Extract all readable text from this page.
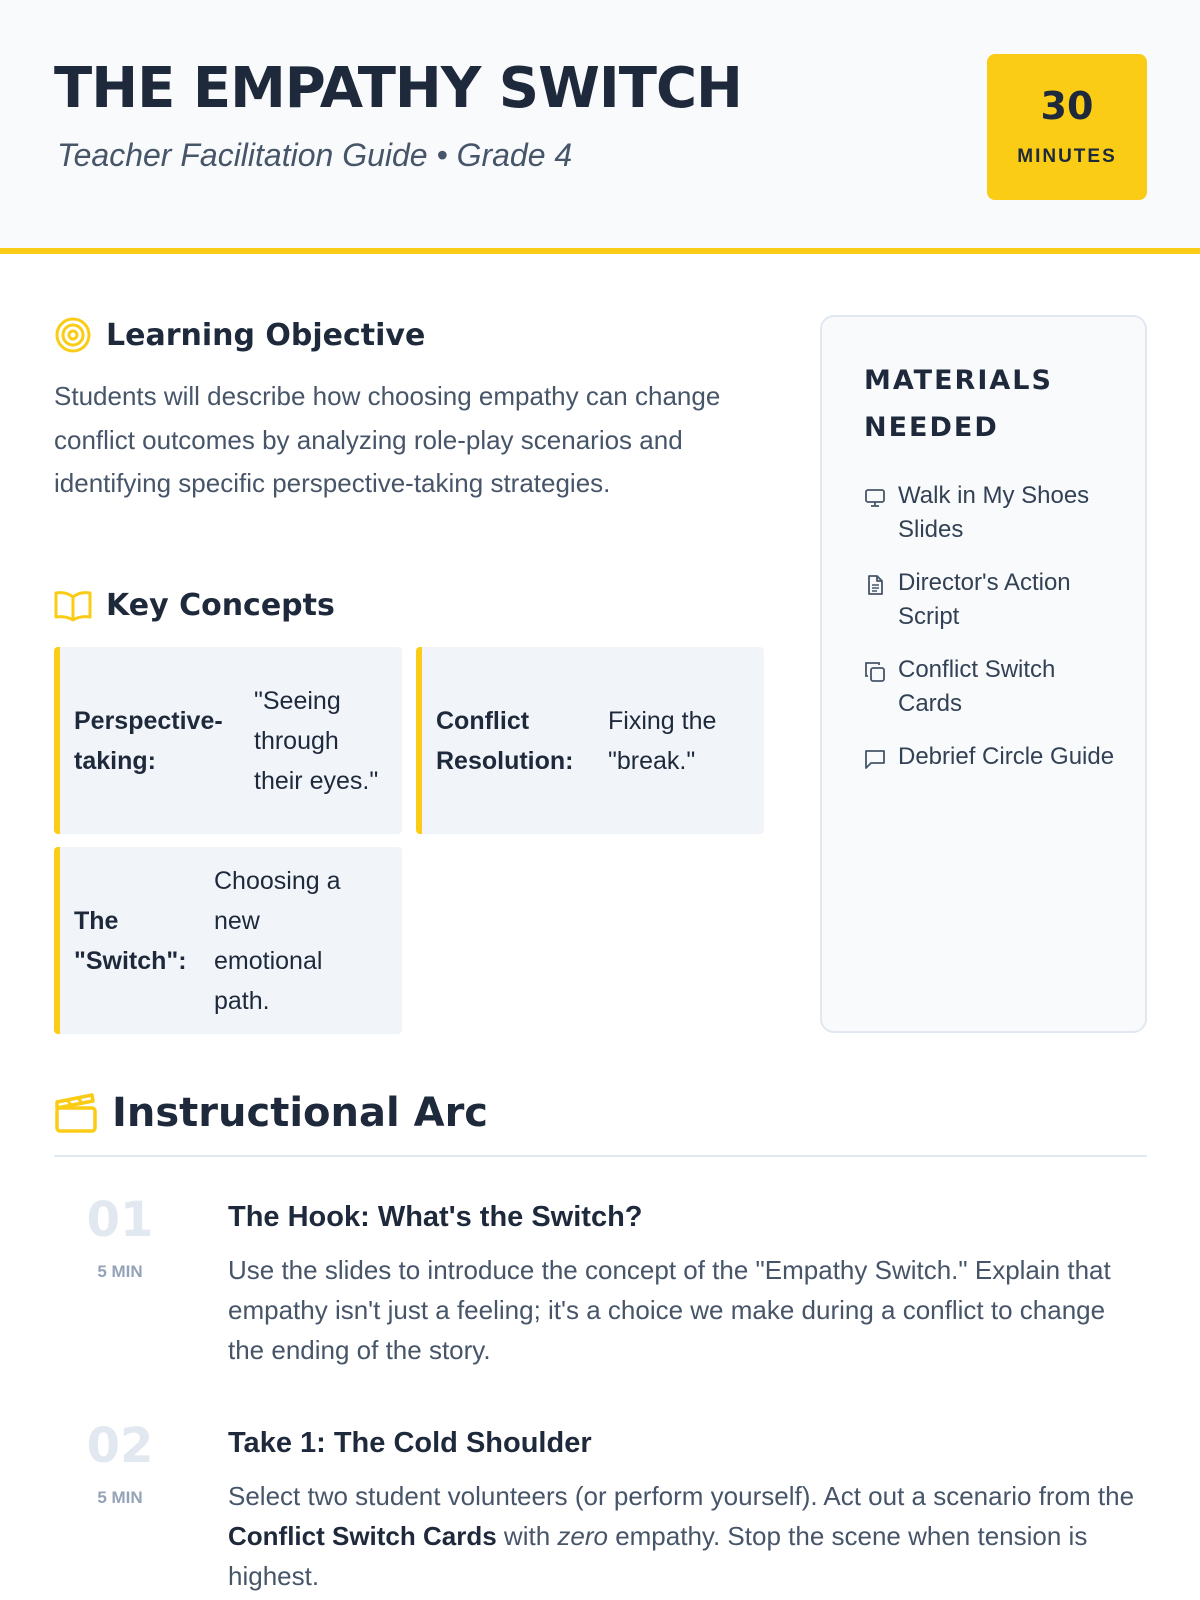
THE EMPATHY SWITCH
Teacher Facilitation Guide • Grade 4
30
MINUTES
Learning Objective
Students will describe how choosing empathy can change conflict outcomes by analyzing role-play scenarios and identifying specific perspective-taking strategies.
Key Concepts
Perspective-taking:
"Seeing through their eyes."
Conflict Resolution:
Fixing the "break."
The "Switch":
Choosing a new emotional path.
MATERIALS NEEDED
Walk in My Shoes Slides
Director's Action Script
Conflict Switch Cards
Debrief Circle Guide
Instructional Arc
01
5 MIN
The Hook: What's the Switch?
Use the slides to introduce the concept of the "Empathy Switch." Explain that empathy isn't just a feeling; it's a choice we make during a conflict to change the ending of the story.
02
5 MIN
Take 1: The Cold Shoulder
Select two student volunteers (or perform yourself). Act out a scenario from the Conflict Switch Cards with zero empathy. Stop the scene when tension is highest.
